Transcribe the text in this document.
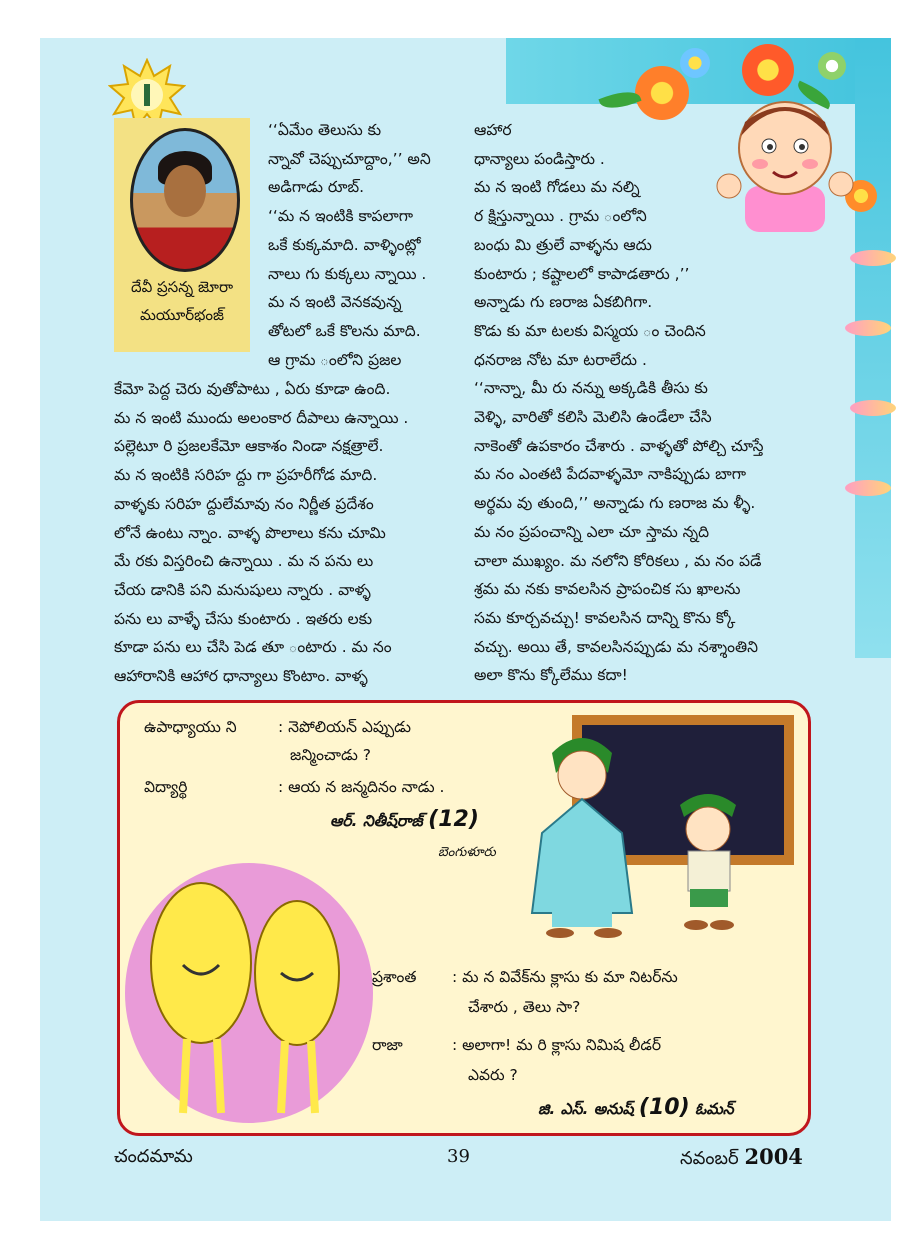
దేవీ ప్రసన్న జెూరా
మయూర్‌భంజ్

‘‘ఏమేం తెలుసు కు

న్నావో చెప్పుచూద్దాం,’’ అని

అడిగాడు రూబ్.

‘‘మ న ఇంటికి కాపలాగా

ఒకే కుక్కమాది. వాళ్ళింట్లో

నాలు గు కుక్కలు న్నాయి .

మ న ఇంటి వెనకవున్న

తోటలో ఒకే కొలను మాది.

ఆ గ్రామ ంలోని ప్రజల

కేమో పెద్ద చెరు వుతోపాటు , ఏరు కూడా ఉంది.

మ న ఇంటి ముందు అలంకార దీపాలు ఉన్నాయి .

పల్లెటూ రి ప్రజలకేమో ఆకాశం నిండా నక్షత్రాలే.

మ న ఇంటికి సరిహ ద్దు గా ప్రహరీగోడ మాది.

వాళ్ళకు సరిహ ద్దులేమావు నం నిర్ణీత ప్రదేశం

లోనే ఉంటు న్నాం. వాళ్ళ పొలాలు కను చూమి

మే రకు విస్తరించి ఉన్నాయి . మ న పను లు

చేయ డానికి పని మనుషులు న్నారు . వాళ్ళ

పను లు వాళ్ళే చేసు కుంటారు . ఇతరు లకు

కూడా పను లు చేసి పెడ తూ ంటారు . మ నం

ఆహారానికి ఆహార ధాన్యాలు కొంటాం. వాళ్ళ

ఆహార

ధాన్యాలు పండిస్తారు .

మ న ఇంటి గోడలు మ నల్ని

ర క్షిస్తున్నాయి . గ్రామ ంలోని

బంధు మి త్రులే వాళ్ళను ఆదు

కుంటారు ; కష్టాలలో కాపాడతారు ,’’

అన్నాడు గు ణరాజ ఏకబిగిగా.

కొడు కు మా టలకు విస్మయ ం చెందిన

ధనరాజ నోట మా టరాలేదు .

‘‘నాన్నా, మీ రు నన్ను అక్కడికి తీసు కు

వెళ్ళి, వారితో కలిసి మెలిసి ఉండేలా చేసి

నాకెంతో ఉపకారం చేశారు . వాళ్ళతో పోల్చి చూస్తే

మ నం ఎంతటి పేదవాళ్ళమో నాకిప్పుడు బాగా

అర్థమ వు తుంది,’’ అన్నాడు గు ణరాజ మ ళ్ళీ.

మ నం ప్రపంచాన్ని ఎలా చూ స్తామ న్నది

చాలా ముఖ్యం. మ నలోని కోరికలు , మ నం పడే

శ్రమ మ నకు కావలసిన ప్రాపంచిక సు ఖాలను

సమ కూర్చవచ్చు! కావలసిన దాన్ని కొను క్కో

వచ్చు. అయి తే, కావలసినప్పుడు మ నశ్శాంతిని

అలా కొను క్కోలేము కదా!

ఉపాధ్యాయు ని	: నెపోలియన్ ఎప్పుడు
జన్మించాడు ?
విద్యార్థి	: ఆయ న జన్మదినం నాడు .
ఆర్. నితీష్‌రాజ్ (12)
బెంగుళూరు
ప్రశాంత : మ న వివేక్‌ను క్లాసు కు మా నిటర్‌ను
చేశారు , తెలు సా?
రాజా	: అలాగా! మ రి క్లాసు నిమిష లీడర్
ఎవరు ?
జి. ఎస్. అనుష్ (10) ఓమన్
చందమామ	39	నవంబర్ 2004
